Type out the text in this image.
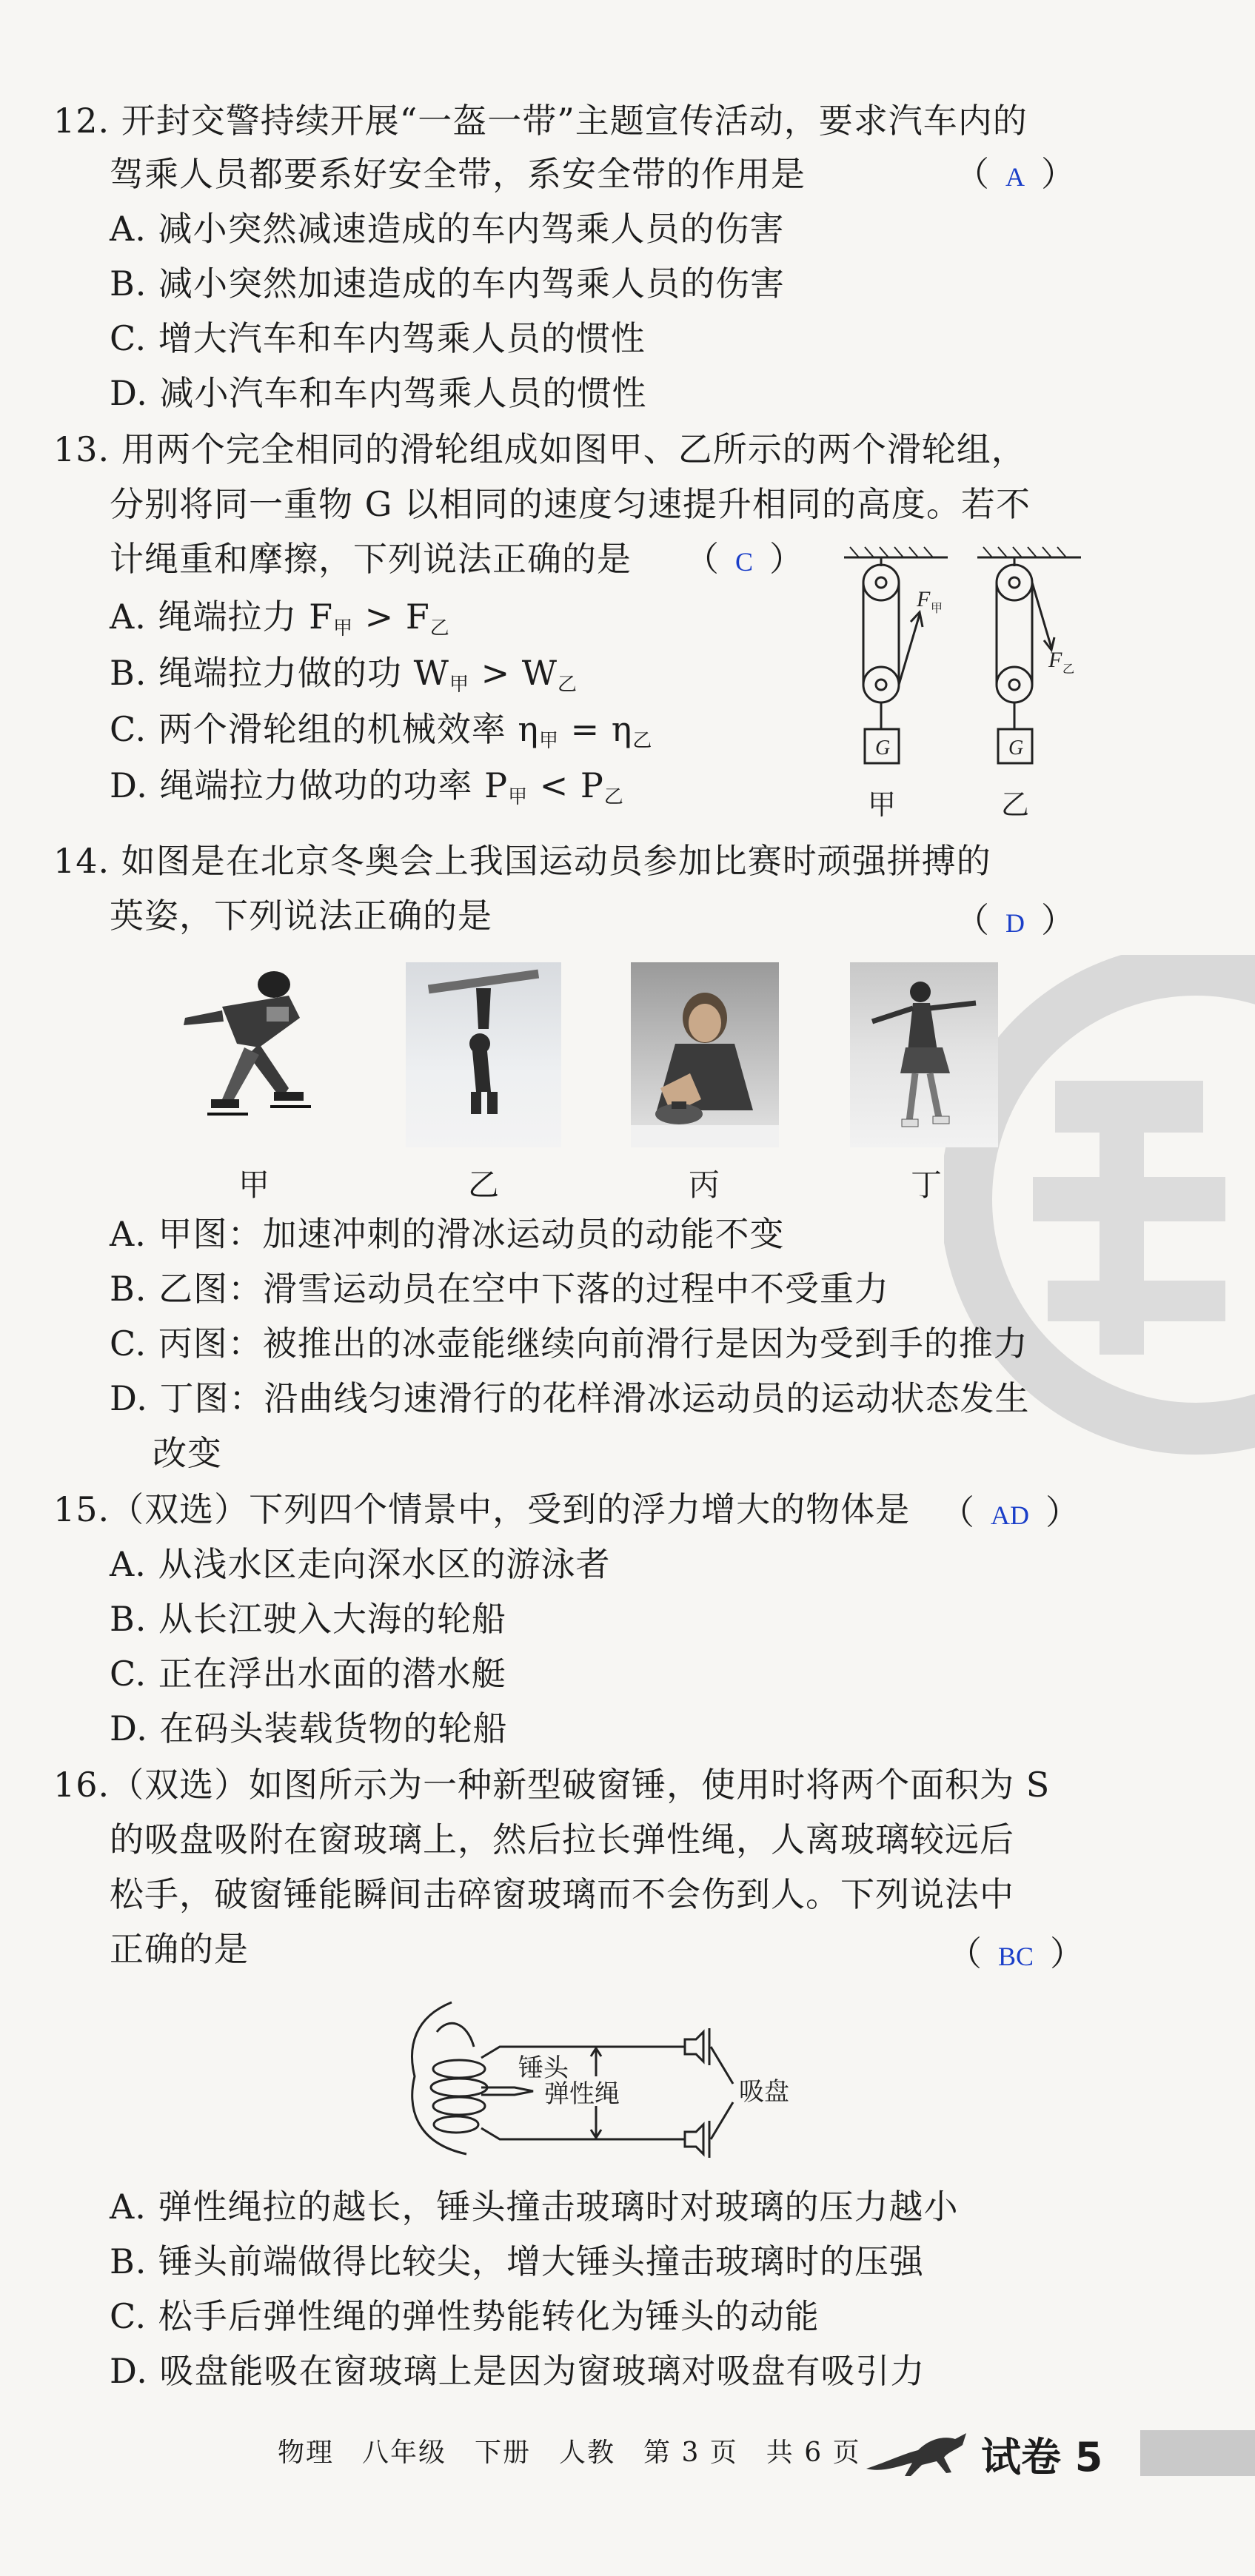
12. 开封交警持续开展“一盔一带”主题宣传活动，要求汽车内的
驾乘人员都要系好安全带，系安全带的作用是	（ A ）
A. 减小突然减速造成的车内驾乘人员的伤害
B. 减小突然加速造成的车内驾乘人员的伤害
C. 增大汽车和车内驾乘人员的惯性
D. 减小汽车和车内驾乘人员的惯性
13. 用两个完全相同的滑轮组成如图甲、乙所示的两个滑轮组，
分别将同一重物 G 以相同的速度匀速提升相同的高度。若不
计绳重和摩擦，下列说法正确的是 （ C ）
A. 绳端拉力 $F_甲 > F_乙$
B. 绳端拉力做的功 $W_甲 > W_乙$
C. 两个滑轮组的机械效率 $\eta_甲 = \eta_乙$
D. 绳端拉力做功的功率 $P_甲 < P_乙$
G	G
F 甲
F 乙
甲	乙
14. 如图是在北京冬奥会上我国运动员参加比赛时顽强拼搏的
英姿，下列说法正确的是	（ D ）
甲	乙	丙	丁
A. 甲图：加速冲刺的滑冰运动员的动能不变
B. 乙图：滑雪运动员在空中下落的过程中不受重力
C. 丙图：被推出的冰壶能继续向前滑行是因为受到手的推力
D. 丁图：沿曲线匀速滑行的花样滑冰运动员的运动状态发生
改变
15.（双选）下列四个情景中，受到的浮力增大的物体是 （ AD ）
A. 从浅水区走向深水区的游泳者
B. 从长江驶入大海的轮船
C. 正在浮出水面的潜水艇
D. 在码头装载货物的轮船
16.（双选）如图所示为一种新型破窗锤，使用时将两个面积为 S
的吸盘吸附在窗玻璃上，然后拉长弹性绳，人离玻璃较远后
松手，破窗锤能瞬间击碎窗玻璃而不会伤到人。下列说法中
正确的是	（ BC ）
锤头
弹性绳	吸盘
A. 弹性绳拉的越长，锤头撞击玻璃时对玻璃的压力越小
B. 锤头前端做得比较尖，增大锤头撞击玻璃时的压强
C. 松手后弹性绳的弹性势能转化为锤头的动能
D. 吸盘能吸在窗玻璃上是因为窗玻璃对吸盘有吸引力
物理　八年级　下册　人教　第 3 页　共 6 页	试卷 5
